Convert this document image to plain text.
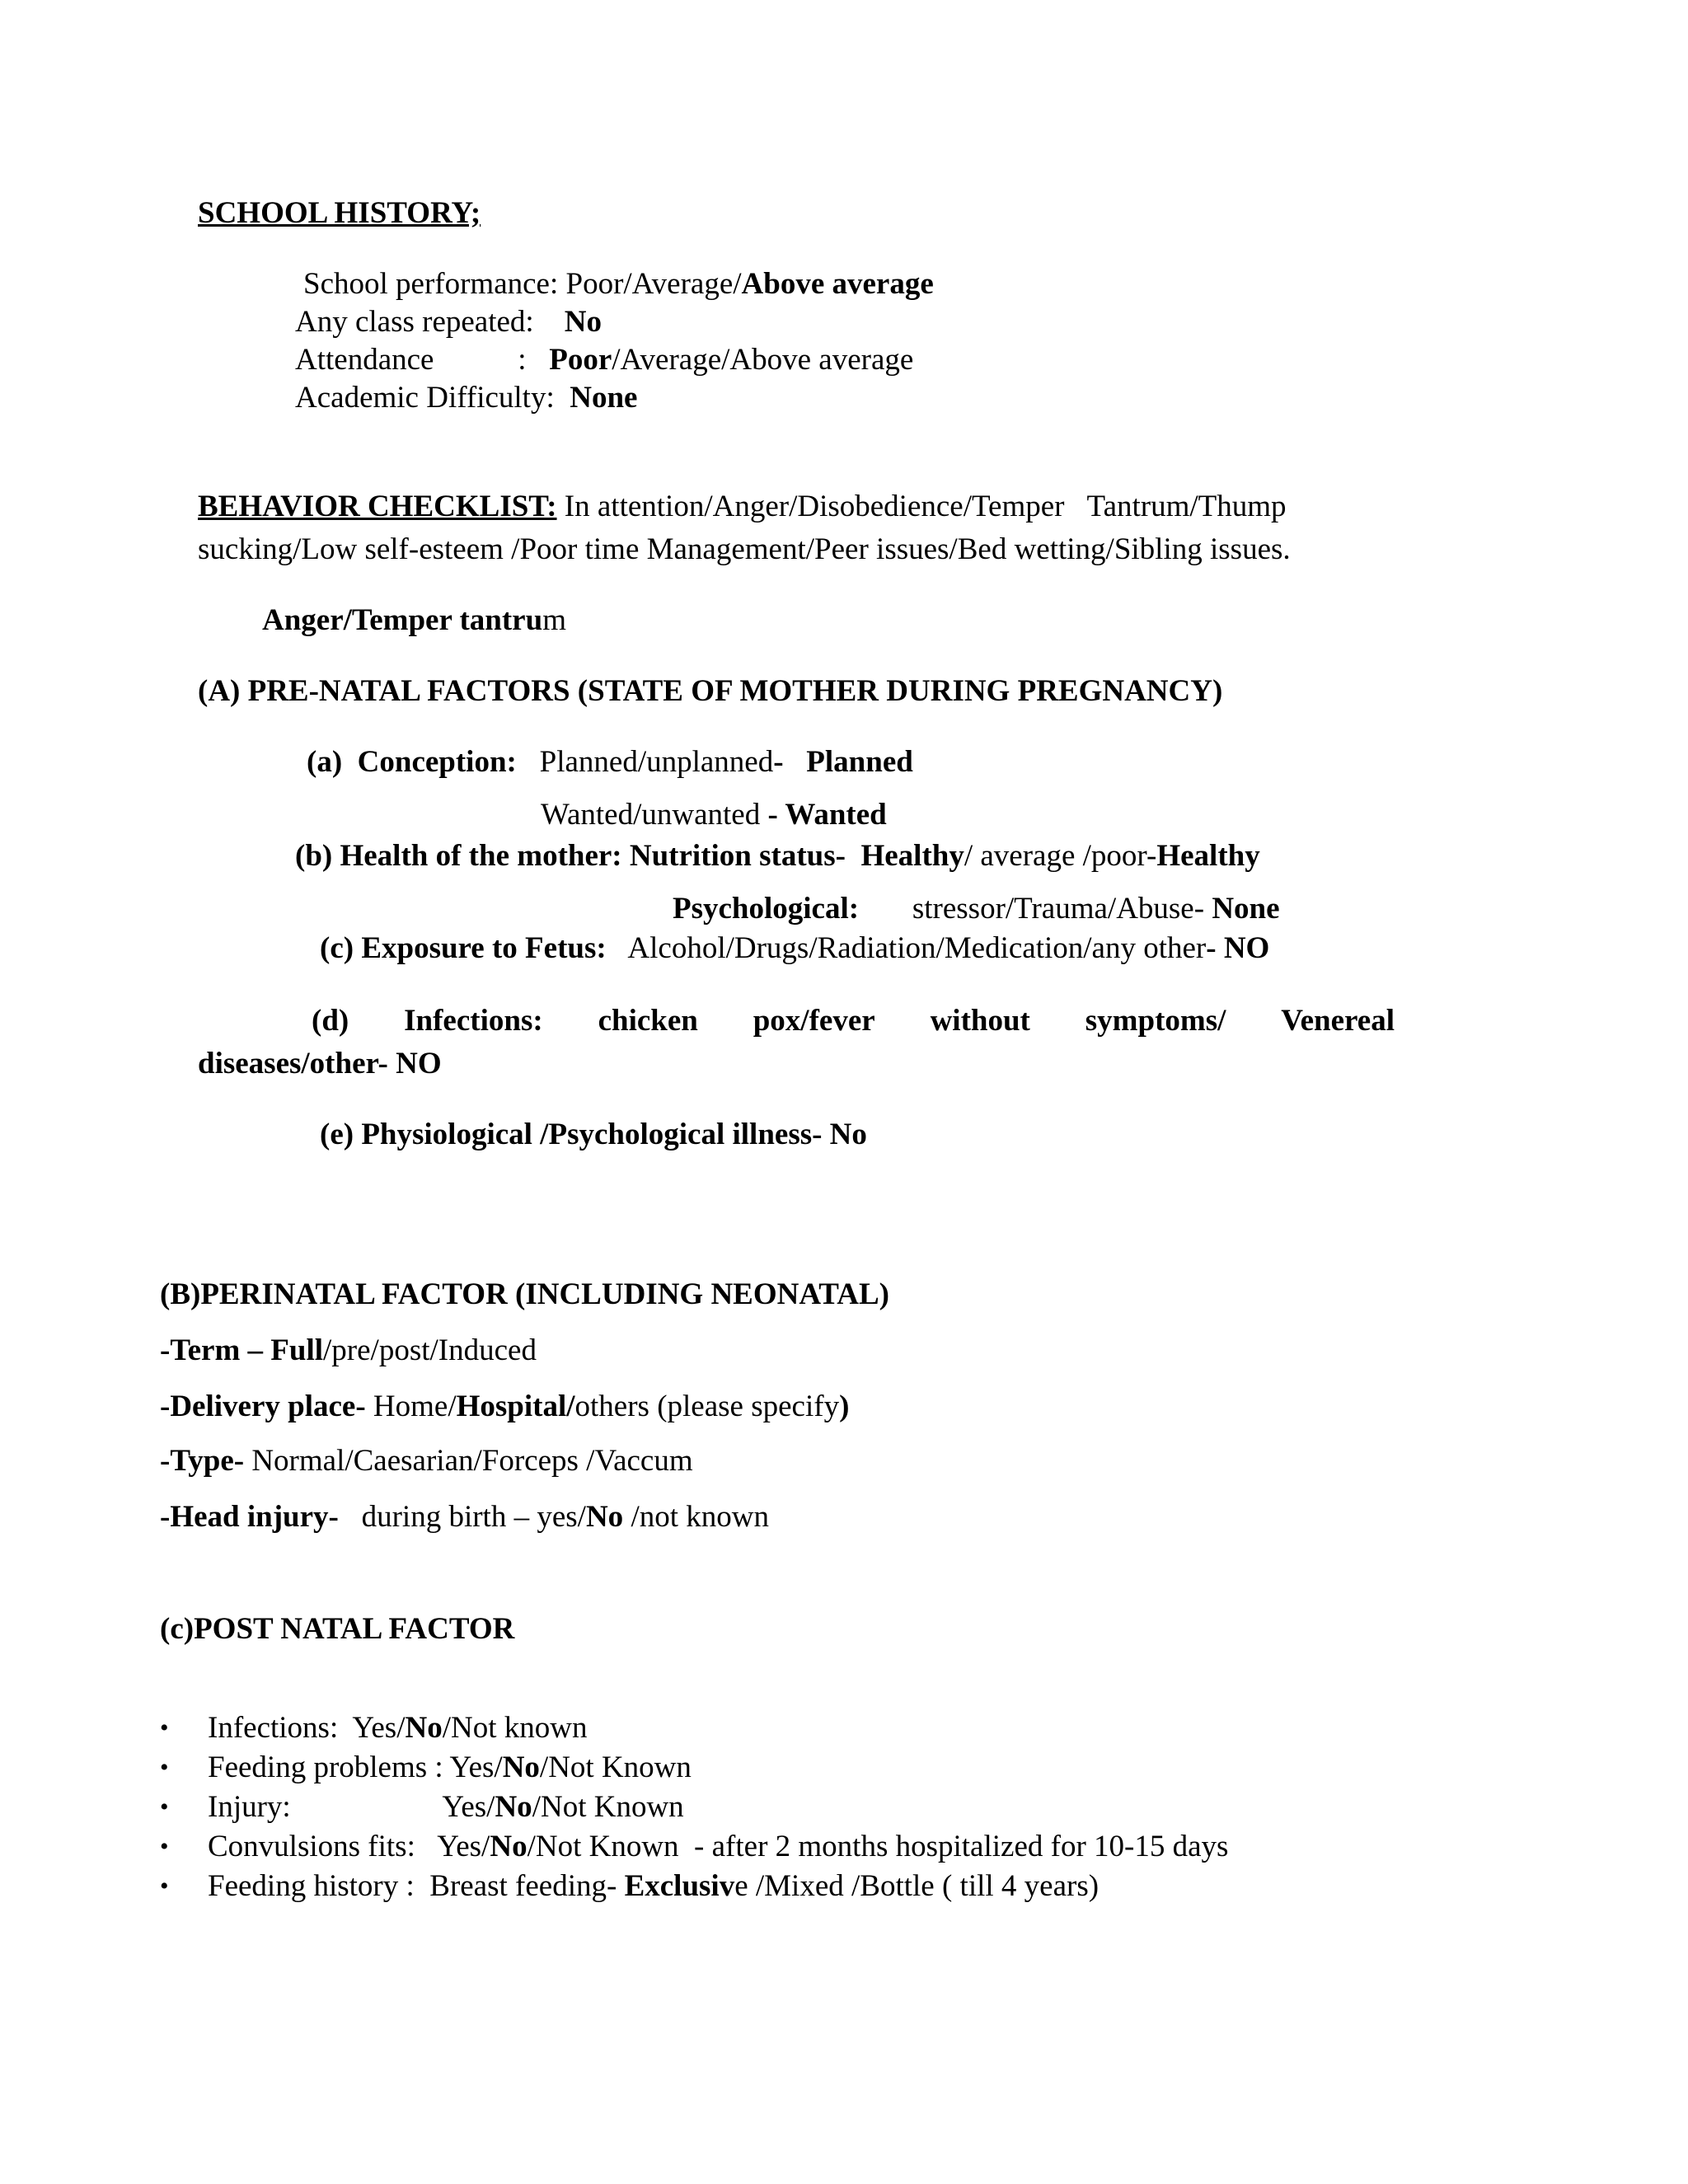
SCHOOL HISTORY;
School performance: Poor/Average/Above average
Any class repeated:    No
Attendance           :   Poor/Average/Above average
Academic Difficulty:  None
BEHAVIOR CHECKLIST: In attention/Anger/Disobedience/Temper   Tantrum/Thump
sucking/Low self-esteem /Poor time Management/Peer issues/Bed wetting/Sibling issues.
Anger/Temper tantrum
(A) PRE-NATAL FACTORS (STATE OF MOTHER DURING PREGNANCY)
(a)  Conception:   Planned/unplanned-   Planned
Wanted/unwanted - Wanted
(b) Health of the mother: Nutrition status-  Healthy/ average /poor-Healthy
Psychological:       stressor/Trauma/Abuse- None
(c) Exposure to Fetus:   Alcohol/Drugs/Radiation/Medication/any other- NO
(d) Infections: chicken pox/fever without symptoms/ Venereal
diseases/other- NO
(e) Physiological /Psychological illness- No
(B)PERINATAL FACTOR (INCLUDING NEONATAL)
-Term – Full/pre/post/Induced
-Delivery place- Home/Hospital/others (please specify)
-Type- Normal/Caesarian/Forceps /Vaccum
-Head injury-   during birth – yes/No /not known
(c)POST NATAL FACTOR
• Infections:  Yes/No/Not known
• Feeding problems : Yes/No/Not Known
• Injury:                    Yes/No/Not Known
• Convulsions fits:   Yes/No/Not Known  - after 2 months hospitalized for 10-15 days
• Feeding history :  Breast feeding- Exclusive /Mixed /Bottle ( till 4 years)
